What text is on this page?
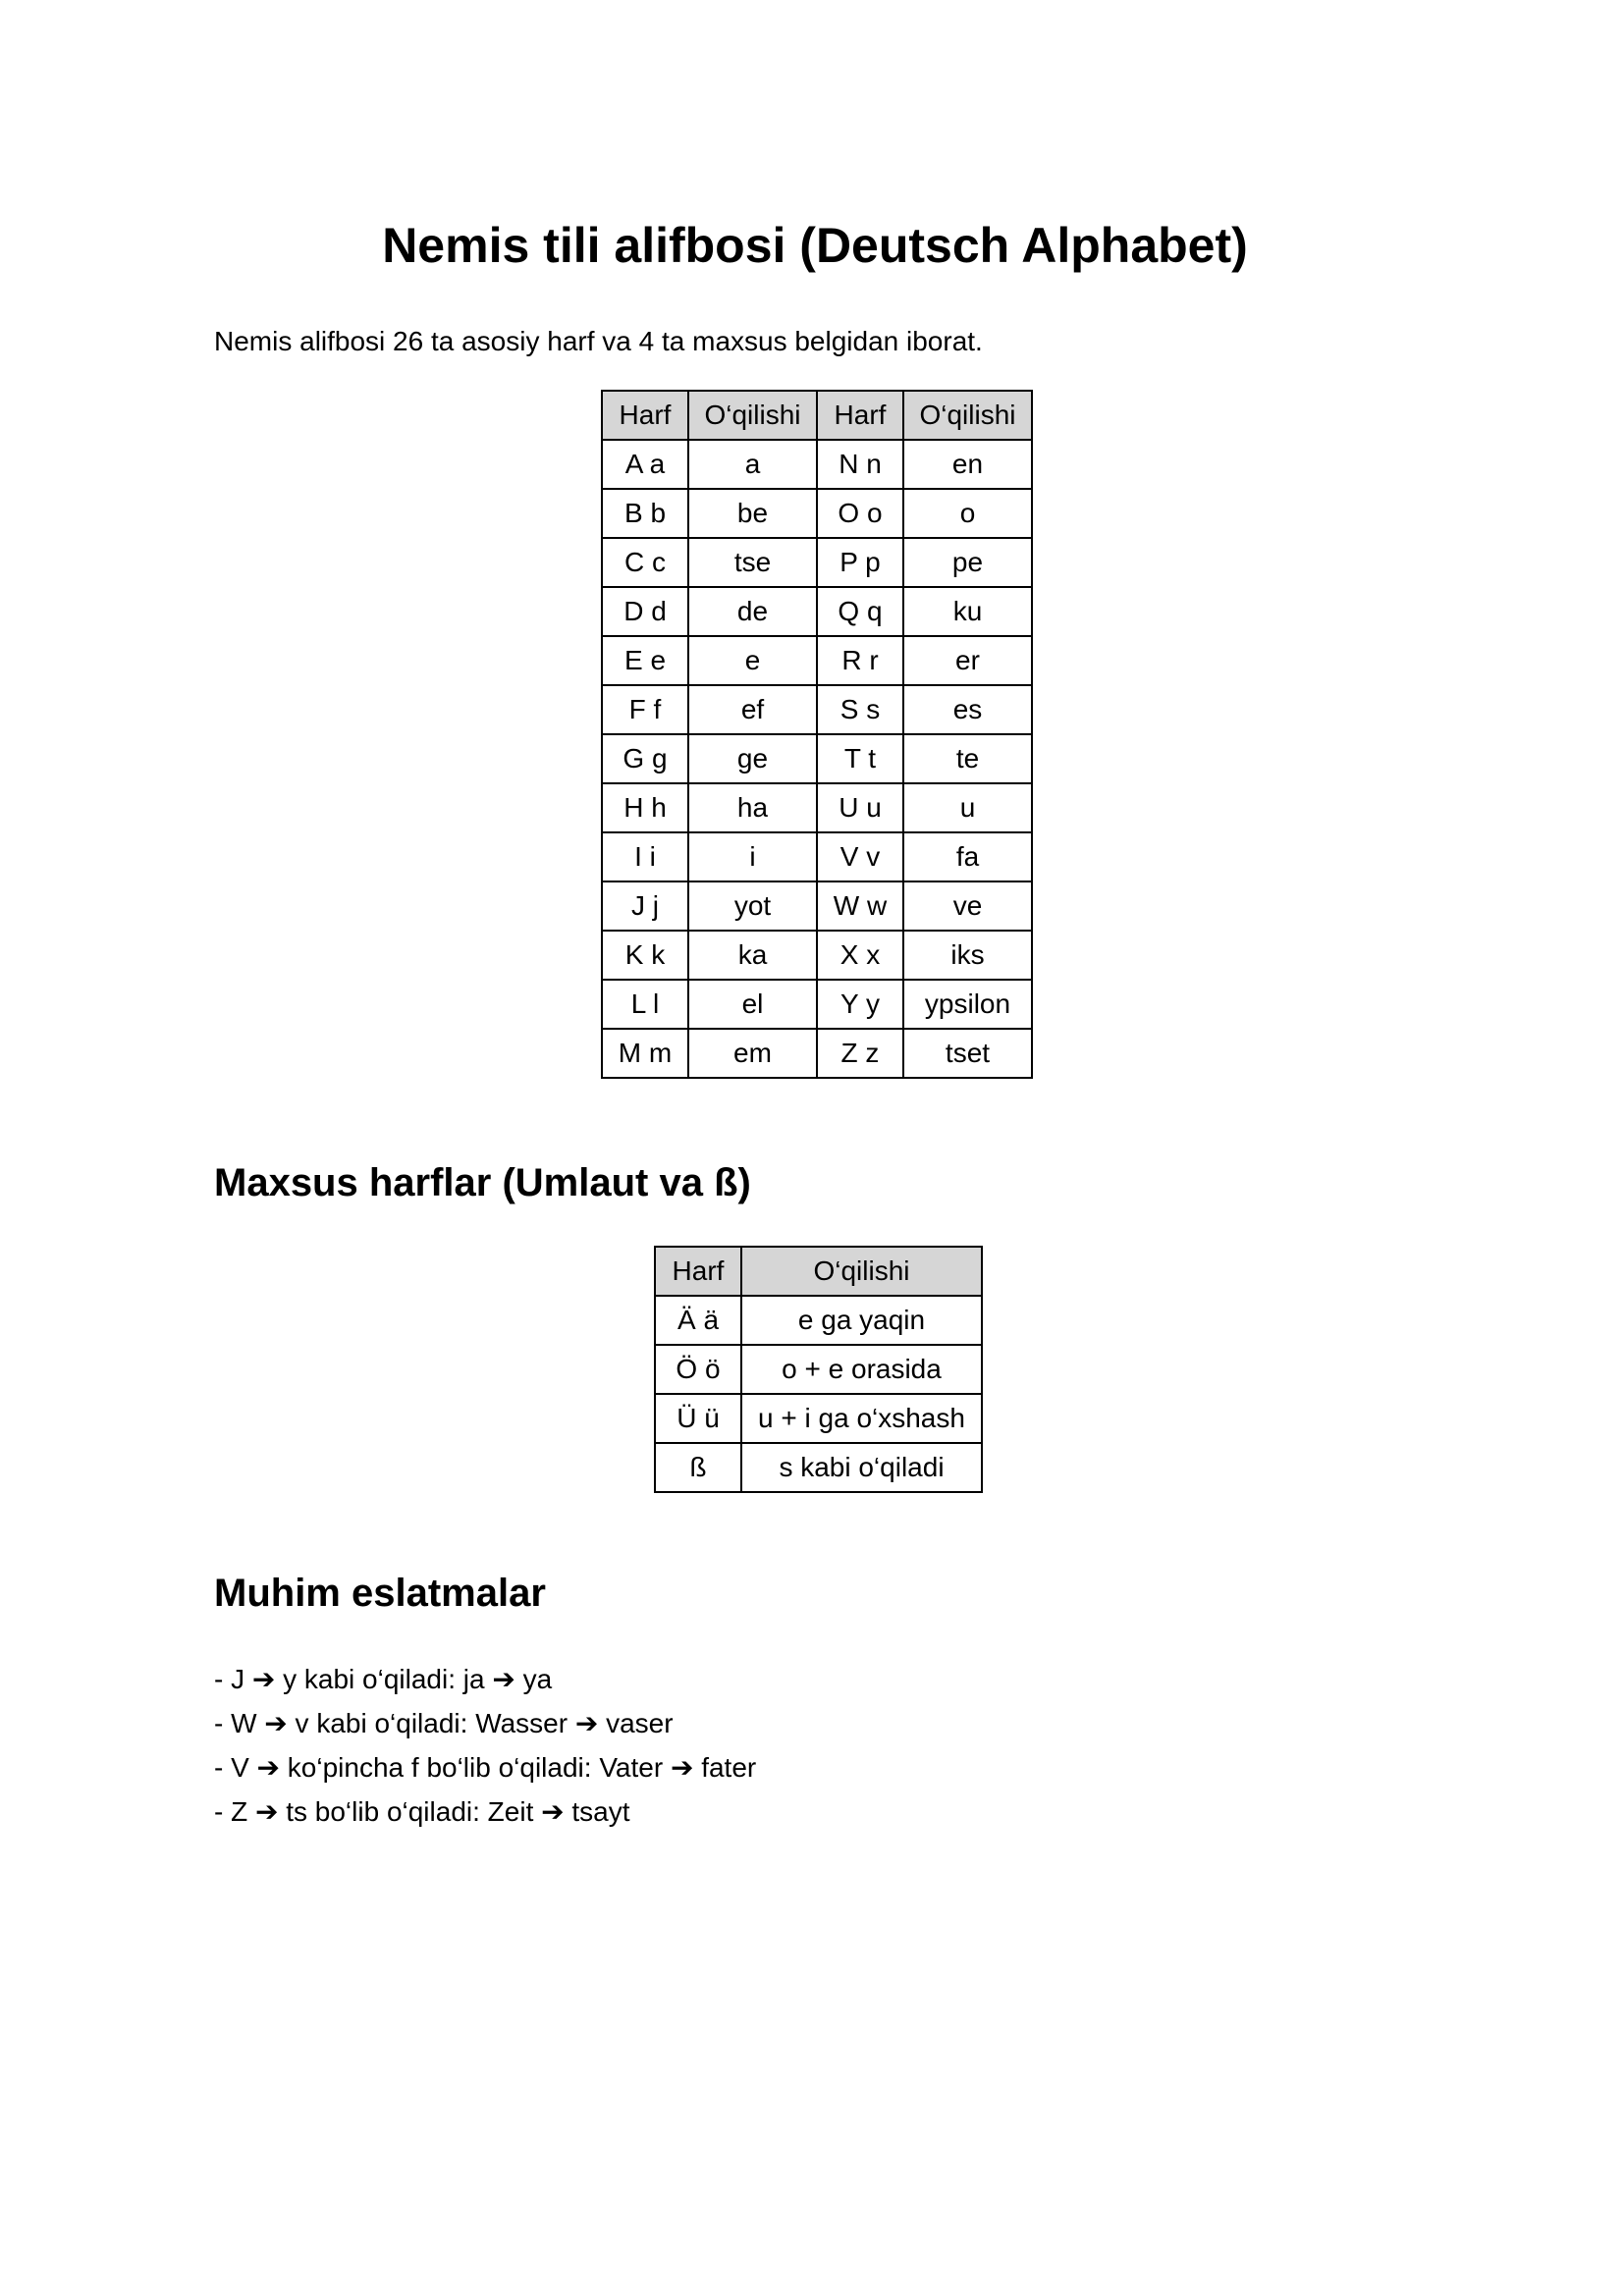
Nemis tili alifbosi (Deutsch Alphabet)

Nemis alifbosi 26 ta asosiy harf va 4 ta maxsus belgidan iborat.

Harf	O‘qilishi	Harf	O‘qilishi
A a	a	N n	en
B b	be	O o	o
C c	tse	P p	pe
D d	de	Q q	ku
E e	e	R r	er
F f	ef	S s	es
G g	ge	T t	te
H h	ha	U u	u
I i	i	V v	fa
J j	yot	W w	ve
K k	ka	X x	iks
L l	el	Y y	ypsilon
M m	em	Z z	tset
Maxsus harflar (Umlaut va ß)
Harf	O‘qilishi
Ä ä	e ga yaqin
Ö ö	o + e orasida
Ü ü	u + i ga o‘xshash
ß	s kabi o‘qiladi
Muhim eslatmalar
- J ➔ y kabi o‘qiladi: ja ➔ ya
- W ➔ v kabi o‘qiladi: Wasser ➔ vaser
- V ➔ ko‘pincha f bo‘lib o‘qiladi: Vater ➔ fater
- Z ➔ ts bo‘lib o‘qiladi: Zeit ➔ tsayt
